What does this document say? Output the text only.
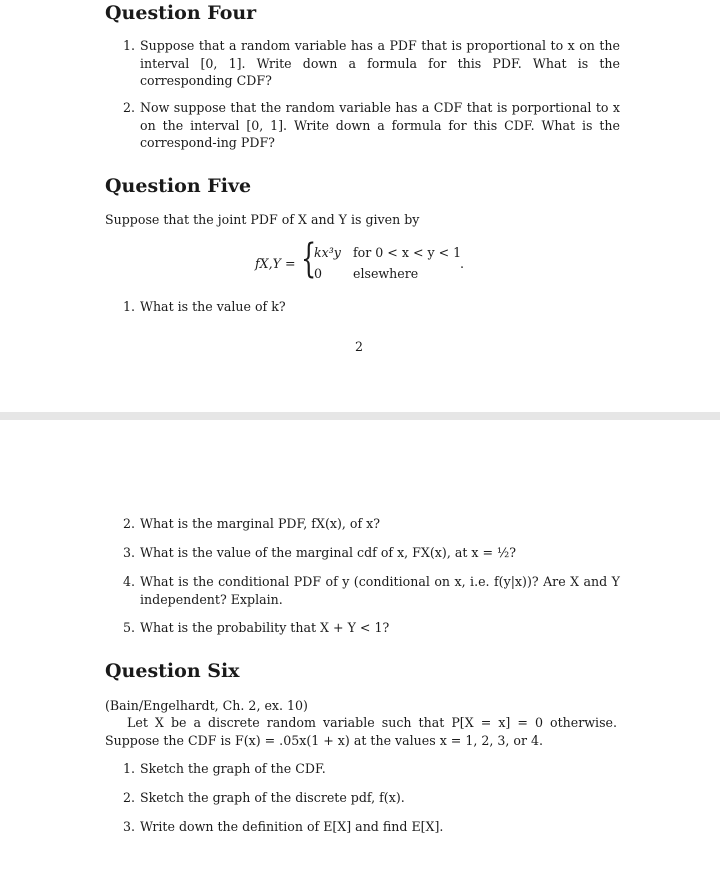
Question Four
1. Suppose that a random variable has a PDF that is proportional to x on the interval [0, 1]. Write down a formula for this PDF. What is the corresponding CDF?
2. Now suppose that the random variable has a CDF that is porportional to x on the interval [0, 1]. Write down a formula for this CDF. What is the correspond-ing PDF?
Question Five

Suppose that the joint PDF of X and Y is given by

fX,Y = {
kx³y for 0 < x < y < 1
0 elsewhere
.
1. What is the value of k?
2
2. What is the marginal PDF, fX(x), of x?
3. What is the value of the marginal cdf of x, FX(x), at x = ½?
4. What is the conditional PDF of y (conditional on x, i.e. f(y|x))? Are X and Y independent? Explain.
5. What is the probability that X + Y < 1?
Question Six

(Bain/Engelhardt, Ch. 2, ex. 10)

Let X be a discrete random variable such that P[X = x] = 0 otherwise. Suppose the CDF is F(x) = .05x(1 + x) at the values x = 1, 2, 3, or 4.

1. Sketch the graph of the CDF.
2. Sketch the graph of the discrete pdf, f(x).
3. Write down the definition of E[X] and find E[X].
